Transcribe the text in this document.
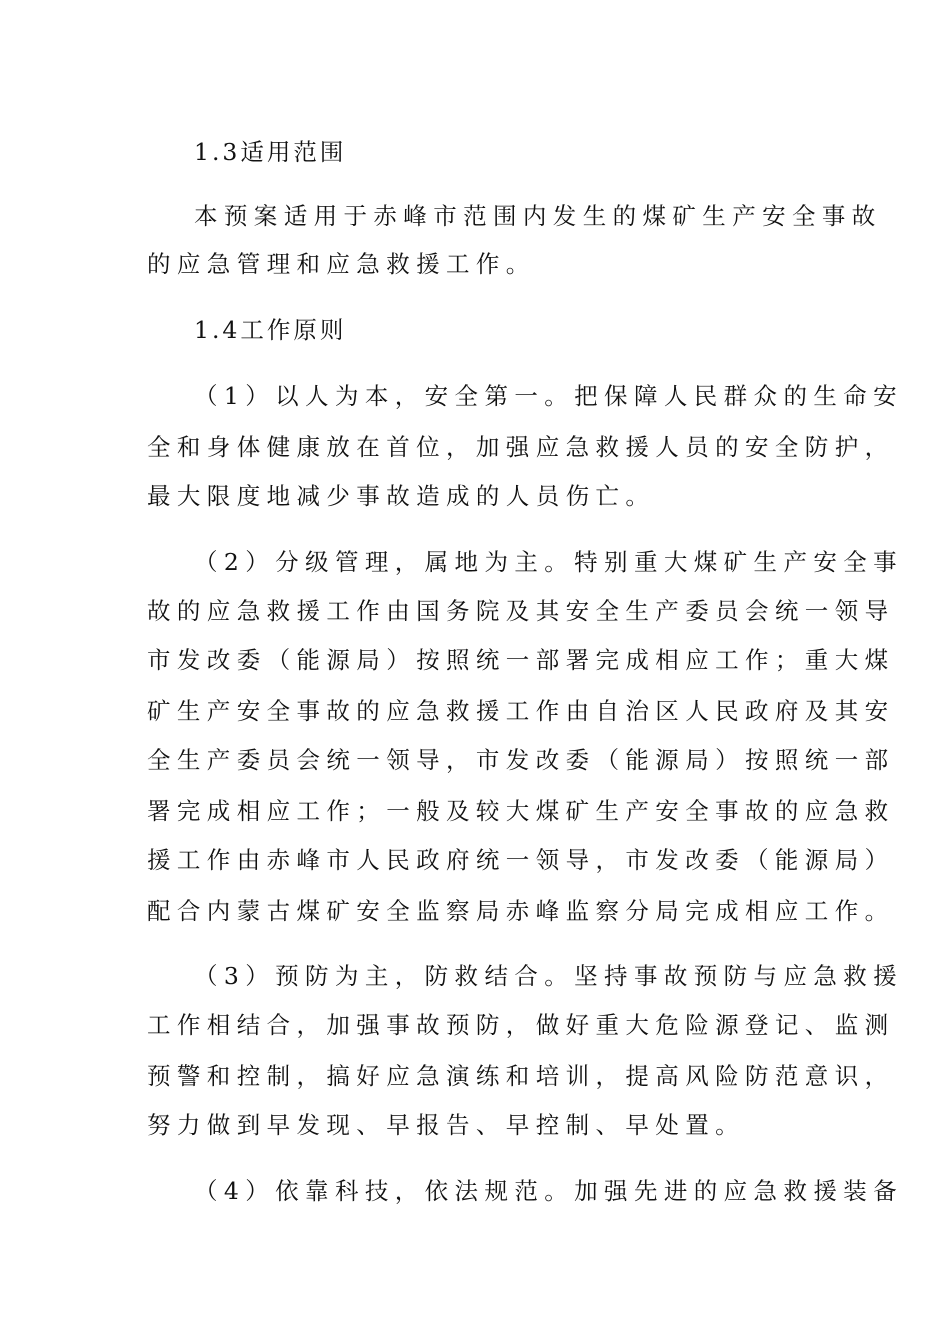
1.3适用范围
本预案适用于赤峰市范围内发生的煤矿生产安全事故
的应急管理和应急救援工作。
1.4工作原则
（1）以人为本，安全第一。把保障人民群众的生命安
全和身体健康放在首位，加强应急救援人员的安全防护，
最大限度地减少事故造成的人员伤亡。
（2）分级管理，属地为主。特别重大煤矿生产安全事
故的应急救援工作由国务院及其安全生产委员会统一领导
市发改委（能源局）按照统一部署完成相应工作；重大煤
矿生产安全事故的应急救援工作由自治区人民政府及其安
全生产委员会统一领导，市发改委（能源局）按照统一部
署完成相应工作；一般及较大煤矿生产安全事故的应急救
援工作由赤峰市人民政府统一领导，市发改委（能源局）
配合内蒙古煤矿安全监察局赤峰监察分局完成相应工作。
（3）预防为主，防救结合。坚持事故预防与应急救援
工作相结合，加强事故预防，做好重大危险源登记、监测
预警和控制，搞好应急演练和培训，提高风险防范意识，
努力做到早发现、早报告、早控制、早处置。
（4）依靠科技，依法规范。加强先进的应急救援装备
